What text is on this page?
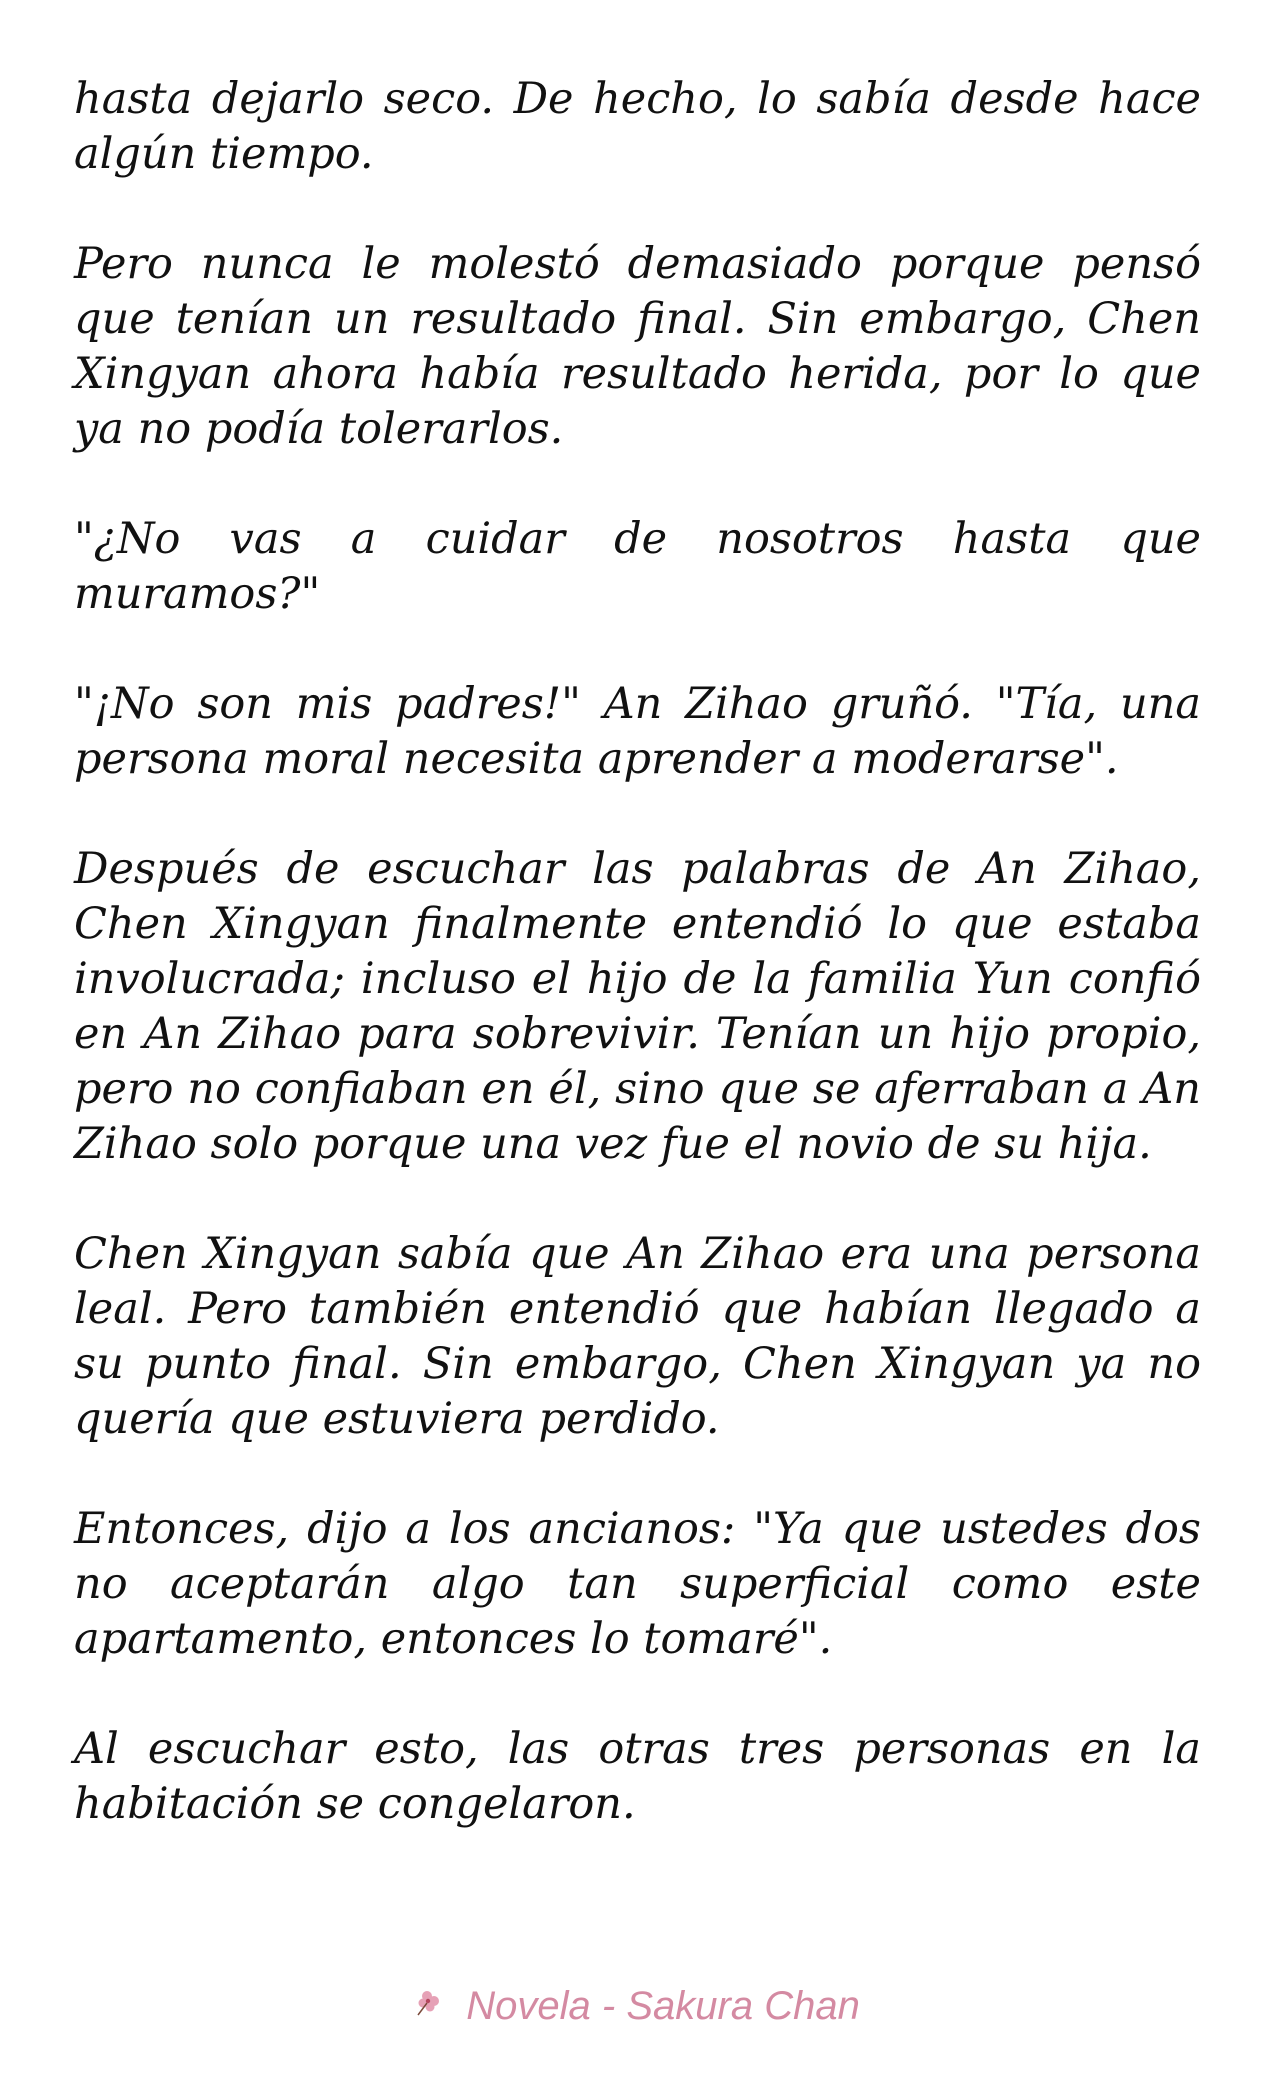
hasta dejarlo seco. De hecho, lo sabía desde hace algún tiempo.

Pero nunca le molestó demasiado porque pensó que tenían un resultado final. Sin embargo, Chen Xingyan ahora había resultado herida, por lo que ya no podía tolerarlos.

"¿No vas a cuidar de nosotros hasta que muramos?"

"¡No son mis padres!" An Zihao gruñó. "Tía, una persona moral necesita aprender a moderarse".

Después de escuchar las palabras de An Zihao, Chen Xingyan finalmente entendió lo que estaba involucrada; incluso el hijo de la familia Yun confió en An Zihao para sobrevivir. Tenían un hijo propio, pero no confiaban en él, sino que se aferraban a An Zihao solo porque una vez fue el novio de su hija.

Chen Xingyan sabía que An Zihao era una persona leal. Pero también entendió que habían llegado a su punto final. Sin embargo, Chen Xingyan ya no quería que estuviera perdido.

Entonces, dijo a los ancianos: "Ya que ustedes dos no aceptarán algo tan superficial como este apartamento, entonces lo tomaré".

Al escuchar esto, las otras tres personas en la habitación se congelaron.

Novela - Sakura Chan
